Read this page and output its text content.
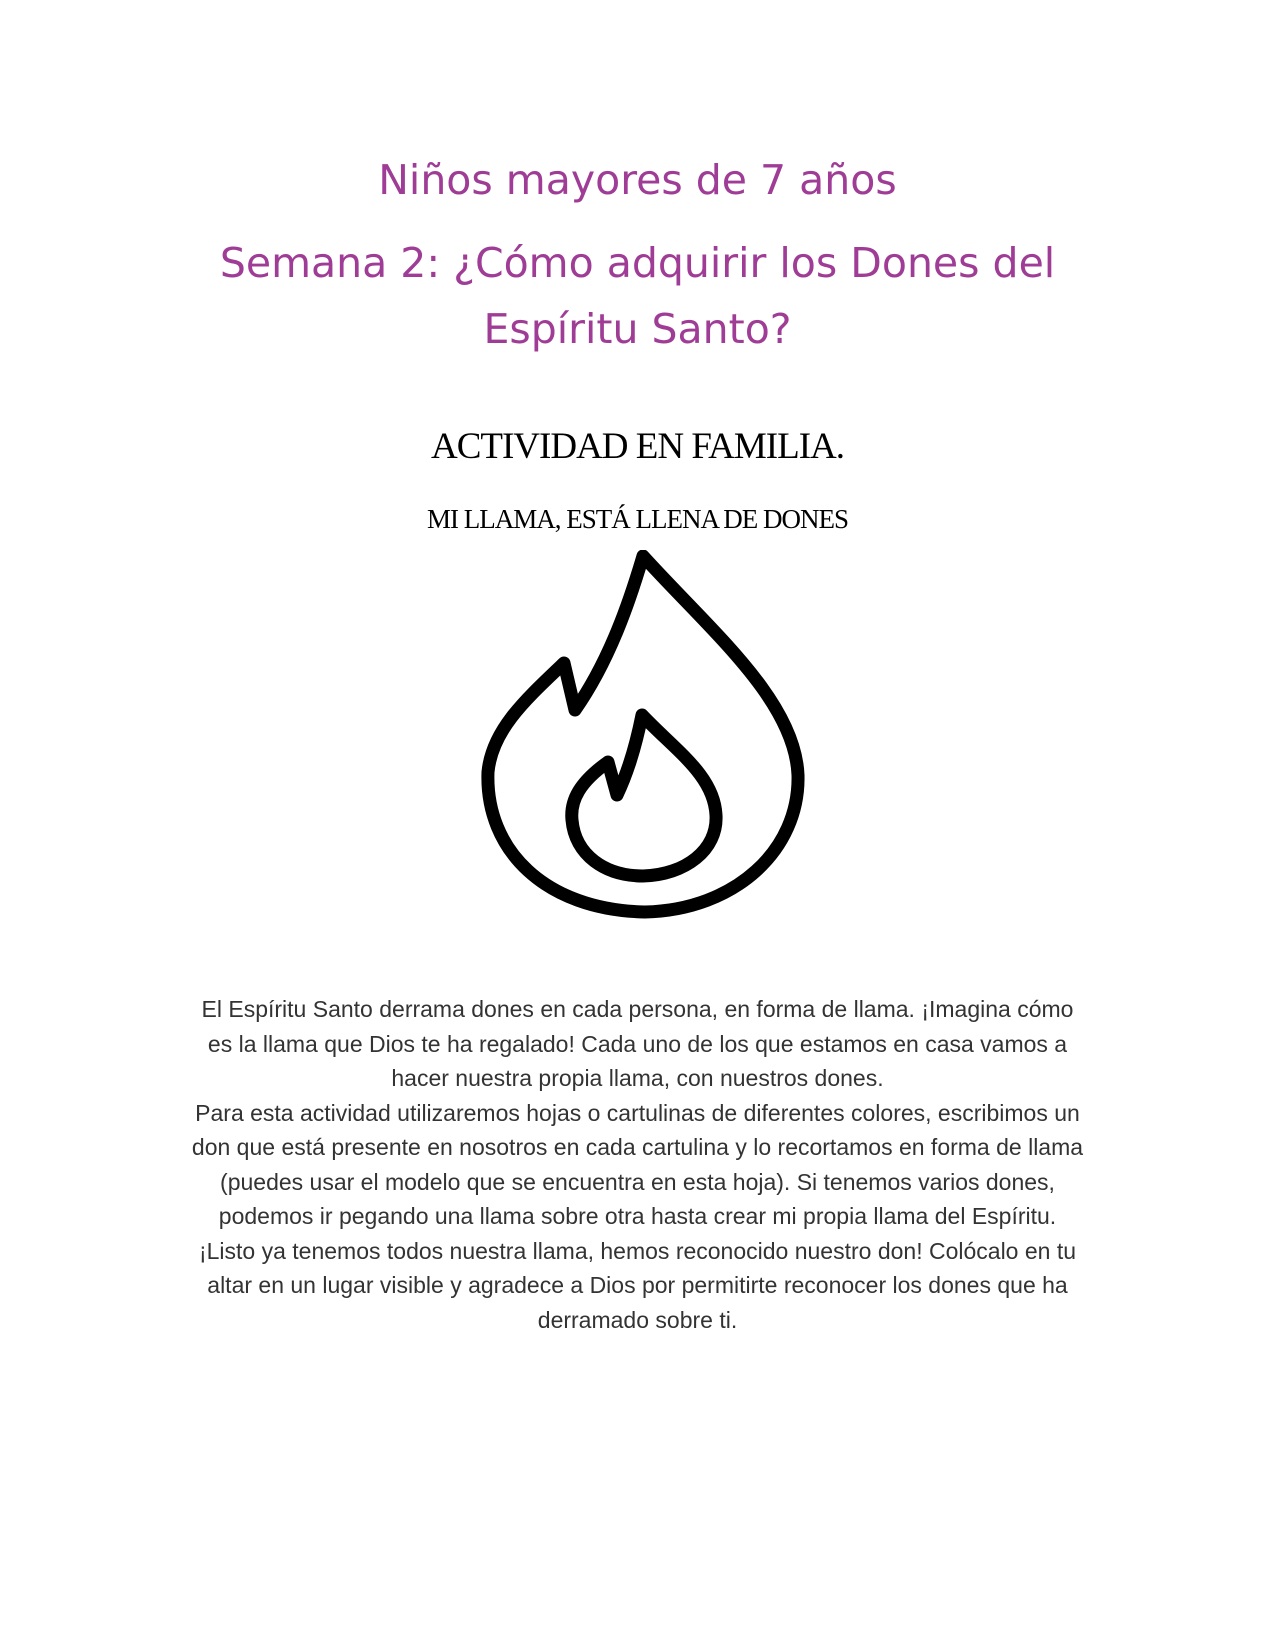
Niños mayores de 7 años
Semana 2: ¿Cómo adquirir los Dones del Espíritu Santo?
ACTIVIDAD EN FAMILIA.
MI LLAMA, ESTÁ LLENA DE DONES

El Espíritu Santo derrama dones en cada persona, en forma de llama. ¡Imagina cómo es la llama que Dios te ha regalado! Cada uno de los que estamos en casa vamos a hacer nuestra propia llama, con nuestros dones.

Para esta actividad utilizaremos hojas o cartulinas de diferentes colores, escribimos un don que está presente en nosotros en cada cartulina y lo recortamos en forma de llama (puedes usar el modelo que se encuentra en esta hoja). Si tenemos varios dones, podemos ir pegando una llama sobre otra hasta crear mi propia llama del Espíritu.

¡Listo ya tenemos todos nuestra llama, hemos reconocido nuestro don! Colócalo en tu altar en un lugar visible y agradece a Dios por permitirte reconocer los dones que ha derramado sobre ti.
